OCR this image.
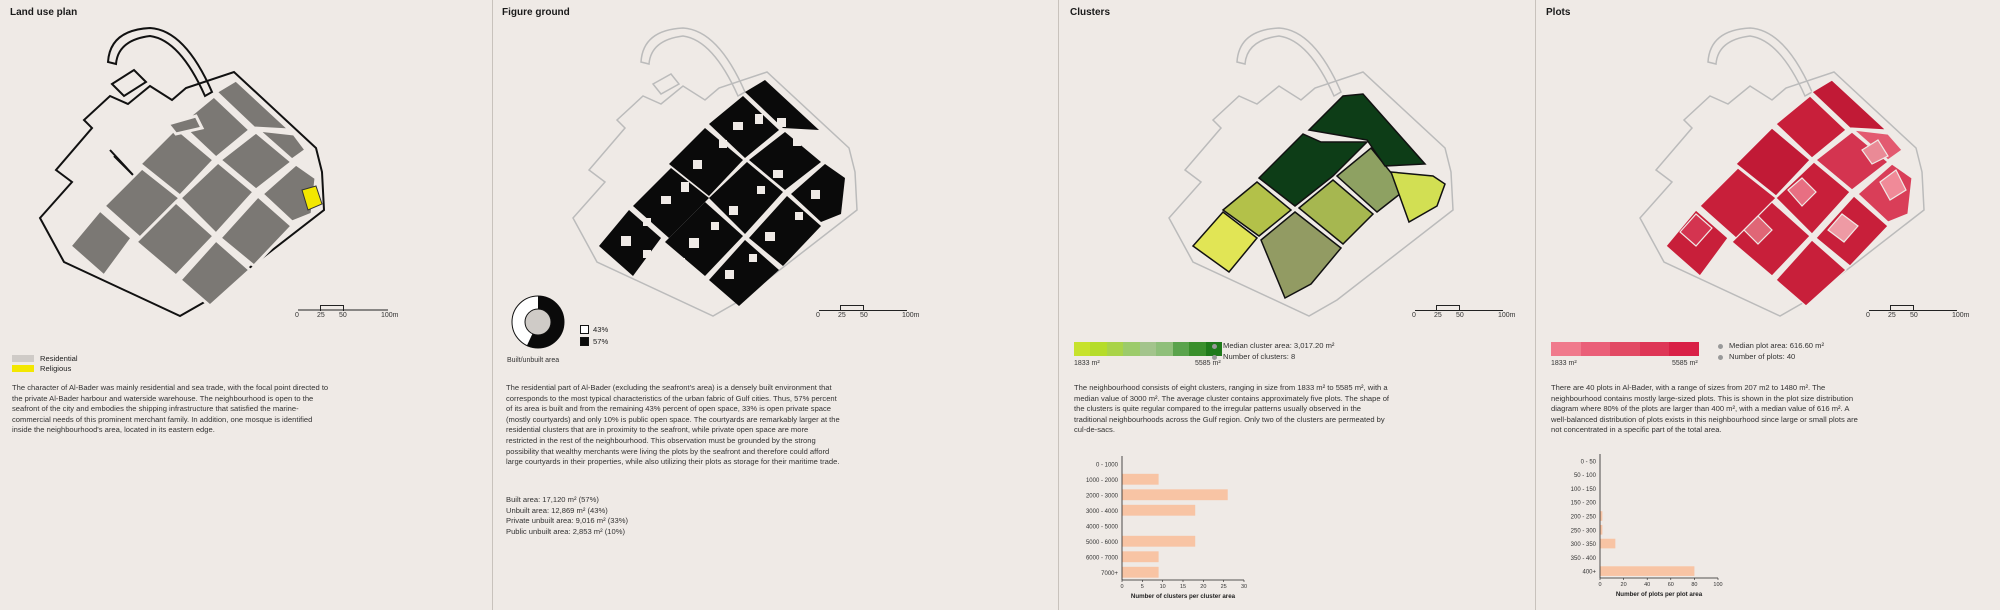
Land use plan
0	25 50	100m
Residential
Religious
The character of Al-Bader was mainly residential and sea trade, with the focal point directed to the private Al-Bader harbour and waterside warehouse. The neighbourhood is open to the seafront of the city and embodies the shipping infrastructure that satisfied the marine-commercial needs of this prominent merchant family. In addition, one mosque is identified inside the neighbourhood's area, located in its eastern edge.
Figure ground
0	25 50	100m
43%
57%
Built/unbuilt area
The residential part of Al-Bader (excluding the seafront's area) is a densely built environment that corresponds to the most typical characteristics of the urban fabric of Gulf cities. Thus, 57% percent of its area is built and from the remaining 43% percent of open space, 33% is open private space (mostly courtyards) and only 10% is public open space. The courtyards are remarkably larger at the residential clusters that are in proximity to the seafront, while private open space are more restricted in the rest of the neighbourhood. This observation must be grounded by the strong possibility that wealthy merchants were living the plots by the seafront and therefore could afford large courtyards in their properties, while also utilizing their plots as storage for their maritime trade.
Built area: 17,120 m² (57%)
Unbuilt area: 12,869 m² (43%)
Private unbuilt area: 9,016 m² (33%)
Public unbuilt area: 2,853 m² (10%)
Clusters
0	25 50	100m
1833 m²	5585 m²
Median cluster area: 3,017.20 m²
Number of clusters: 8
The neighbourhood consists of eight clusters, ranging in size from 1833 m² to 5585 m², with a median value of 3000 m². The average cluster contains approximately five plots. The shape of the clusters is quite regular compared to the irregular patterns usually observed in the traditional neighbourhoods across the Gulf region. Only two of the clusters are permeated by cul-de-sacs.
0 - 1000
1000 - 2000
2000 - 3000
3000 - 4000
4000 - 5000
5000 - 6000
6000 - 7000
7000+
0	5	10	15	20	25	30
Number of clusters per cluster area
Plots
0	25 50	100m
1833 m²	5585 m²
Median plot area: 616.60 m²
Number of plots: 40
There are 40 plots in Al-Bader, with a range of sizes from 207 m2 to 1480 m². The neighbourhood contains mostly large-sized plots. This is shown in the plot size distribution diagram where 80% of the plots are larger than 400 m², with a median value of 616 m². A well-balanced distribution of plots exists in this neighbourhood since large or small plots are not concentrated in a specific part of the total area.
0 - 50
50 - 100
100 - 150
150 - 200
200 - 250
250 - 300
300 - 350
350 - 400
400+
0	20	40	60	80	100
Number of plots per plot area
